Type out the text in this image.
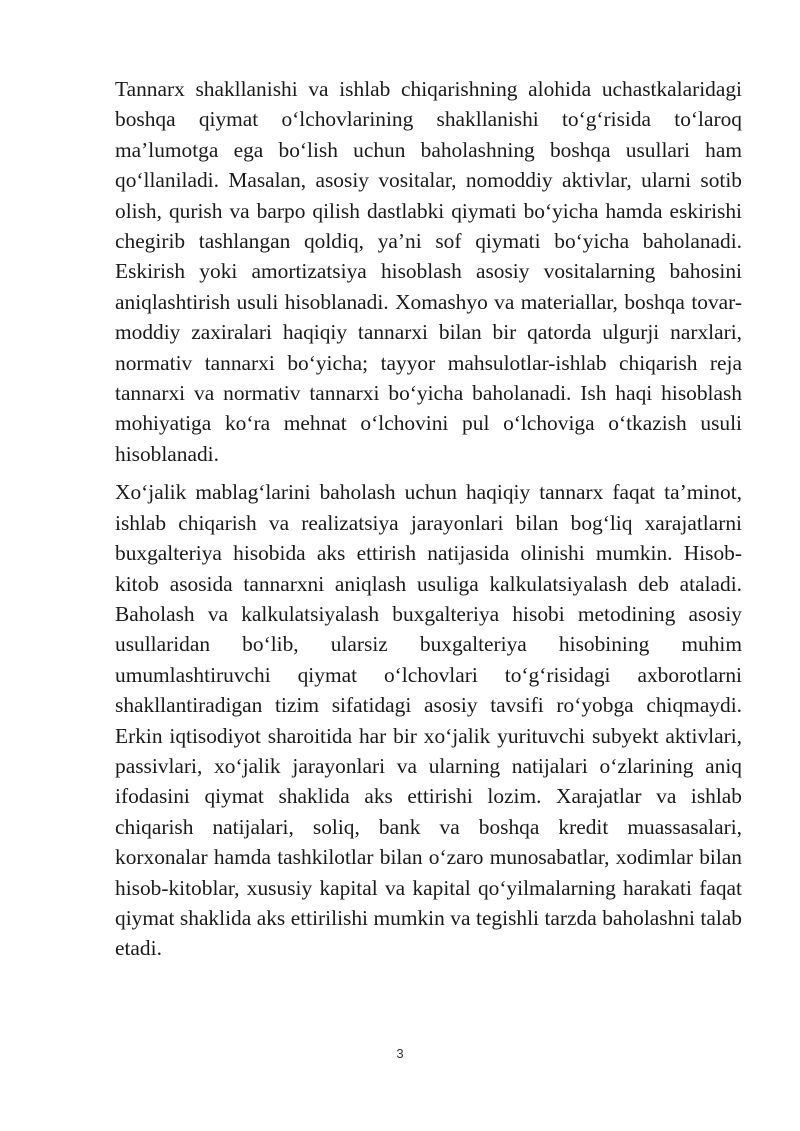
Tannarx shakllanishi va ishlab chiqarishning alohida uchastkalaridagi boshqa qiymat o‘lchovlarining shakllanishi to‘g‘risida to‘laroq ma’lumotga ega bo‘lish uchun baholashning boshqa usullari ham qo‘llaniladi. Masalan, asosiy vositalar, nomoddiy aktivlar, ularni sotib olish, qurish va barpo qilish dastlabki qiymati bo‘yicha hamda eskirishi chegirib tashlangan qoldiq, ya’ni sof qiymati bo‘yicha baholanadi. Eskirish yoki amortizatsiya hisoblash asosiy vositalarning bahosini aniqlashtirish usuli hisoblanadi. Xomashyo va materiallar, boshqa tovar-moddiy zaxiralari haqiqiy tannarxi bilan bir qatorda ulgurji narxlari, normativ tannarxi bo‘yicha; tayyor mahsulotlar-ishlab chiqarish reja tannarxi va normativ tannarxi bo‘yicha baholanadi. Ish haqi hisoblash mohiyatiga ko‘ra mehnat o‘lchovini pul o‘lchoviga o‘tkazish usuli hisoblanadi.

Xo‘jalik mablag‘larini baholash uchun haqiqiy tannarx faqat ta’minot, ishlab chiqarish va realizatsiya jarayonlari bilan bog‘liq xarajatlarni buxgalteriya hisobida aks ettirish natijasida olinishi mumkin. Hisob-kitob asosida tannarxni aniqlash usuliga kalkulatsiyalash deb ataladi. Baholash va kalkulatsiyalash buxgalteriya hisobi metodining asosiy usullaridan bo‘lib, ularsiz buxgalteriya hisobining muhim umumlashtiruvchi qiymat o‘lchovlari to‘g‘risidagi axborotlarni shakllantiradigan tizim sifatidagi asosiy tavsifi ro‘yobga chiqmaydi. Erkin iqtisodiyot sharoitida har bir xo‘jalik yurituvchi subyekt aktivlari, passivlari, xo‘jalik jarayonlari va ularning natijalari o‘zlarining aniq ifodasini qiymat shaklida aks ettirishi lozim. Xarajatlar va ishlab chiqarish natijalari, soliq, bank va boshqa kredit muassasalari, korxonalar hamda tashkilotlar bilan o‘zaro munosabatlar, xodimlar bilan hisob-kitoblar, xususiy kapital va kapital qo‘yilmalarning harakati faqat qiymat shaklida aks ettirilishi mumkin va tegishli tarzda baholashni talab etadi.

3
